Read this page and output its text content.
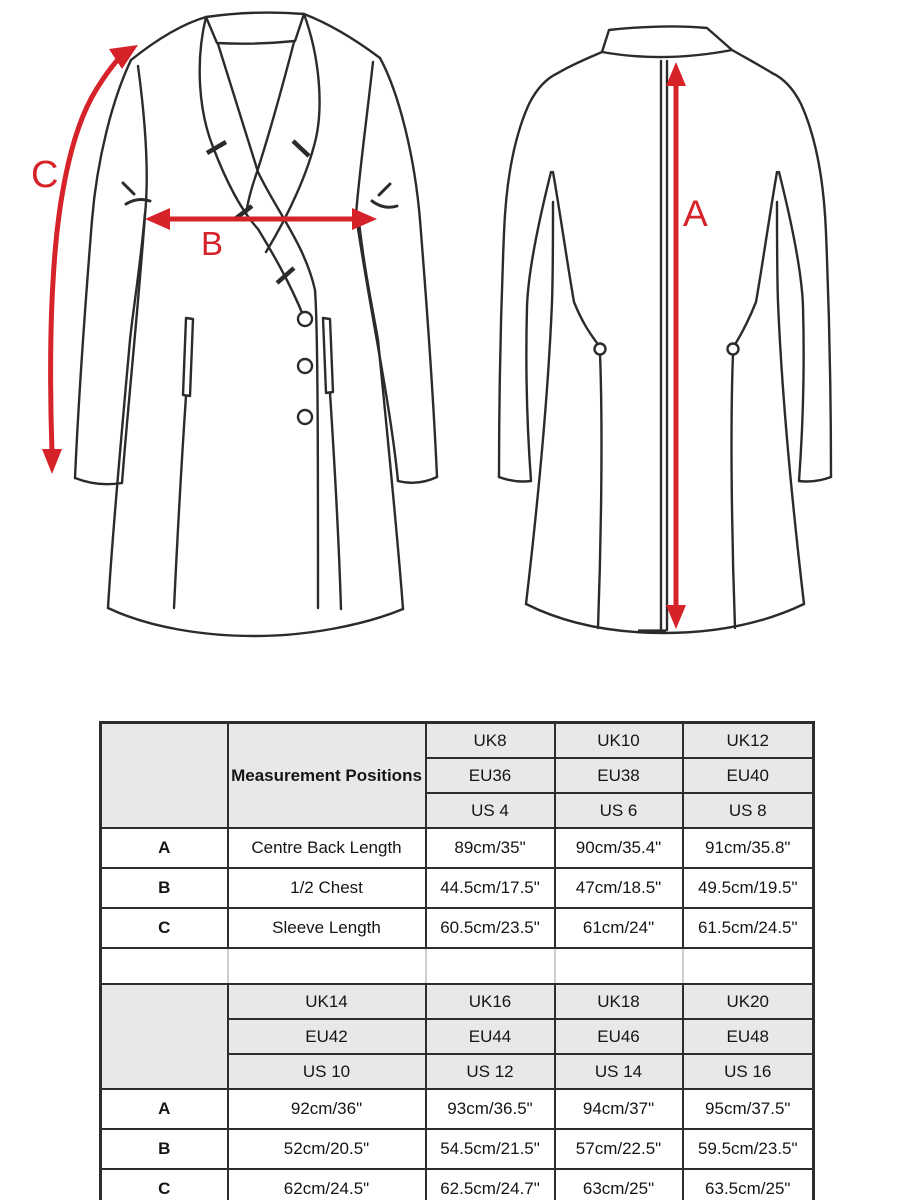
C
B
A
	Measurement Positions	UK8	UK10	UK12
		EU36	EU38	EU40
		US 4	US 6	US 8
A	Centre Back Length	89cm/35"	90cm/35.4"	91cm/35.8"
B	1/2 Chest	44.5cm/17.5"	47cm/18.5"	49.5cm/19.5"
C	Sleeve Length	60.5cm/23.5"	61cm/24"	61.5cm/24.5"

	UK14	UK16	UK18	UK20
	EU42	EU44	EU46	EU48
	US 10	US 12	US 14	US 16
A	92cm/36"	93cm/36.5"	94cm/37"	95cm/37.5"
B	52cm/20.5"	54.5cm/21.5"	57cm/22.5"	59.5cm/23.5"
C	62cm/24.5"	62.5cm/24.7"	63cm/25"	63.5cm/25"
